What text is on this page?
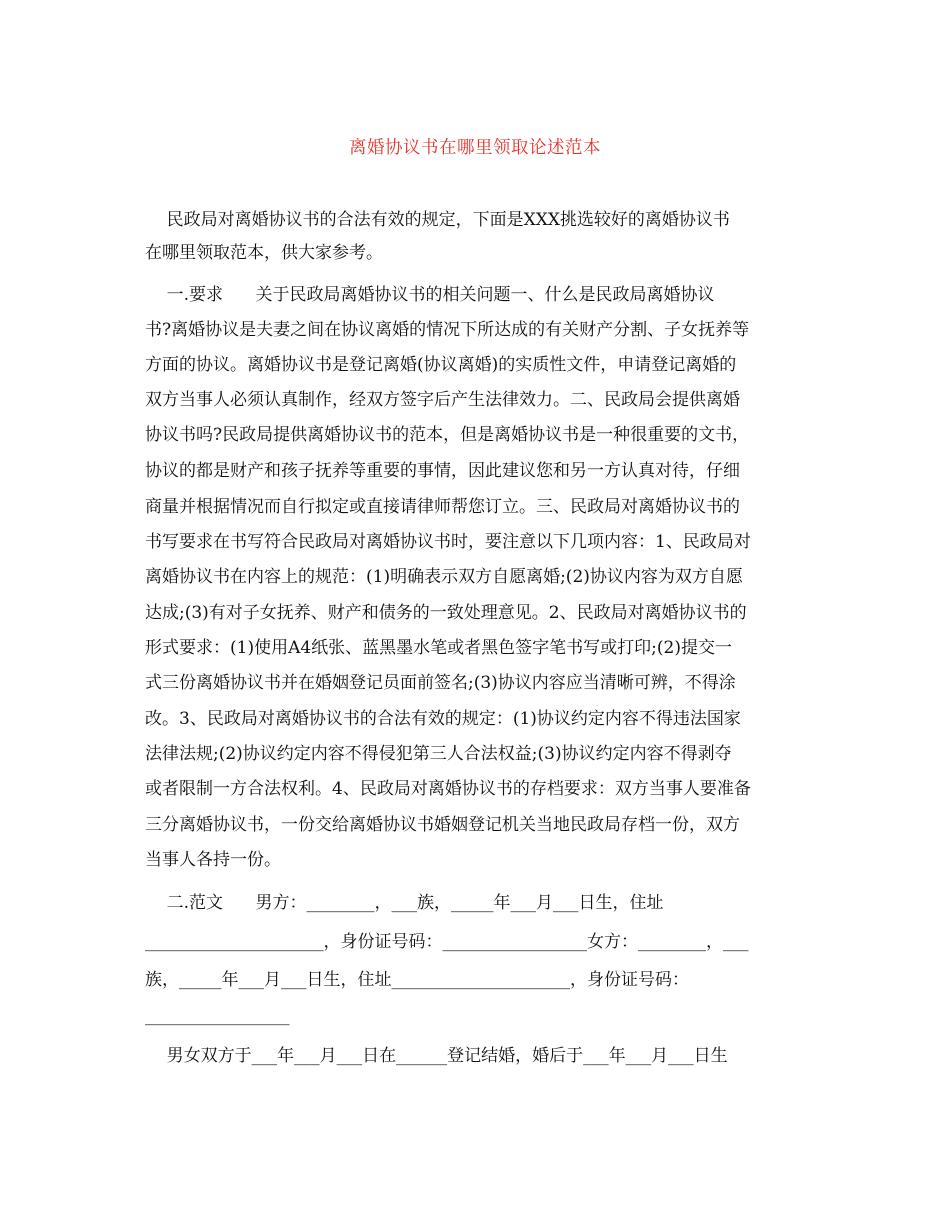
离婚协议书在哪里领取论述范本
民政局对离婚协议书的合法有效的规定，下面是XXX挑选较好的离婚协议书
在哪里领取范本，供大家参考。
一.要求      关于民政局离婚协议书的相关问题一、什么是民政局离婚协议
书?离婚协议是夫妻之间在协议离婚的情况下所达成的有关财产分割、子女抚养等
方面的协议。离婚协议书是登记离婚(协议离婚)的实质性文件，申请登记离婚的
双方当事人必须认真制作，经双方签字后产生法律效力。二、民政局会提供离婚
协议书吗?民政局提供离婚协议书的范本，但是离婚协议书是一种很重要的文书，
协议的都是财产和孩子抚养等重要的事情，因此建议您和另一方认真对待，仔细
商量并根据情况而自行拟定或直接请律师帮您订立。三、民政局对离婚协议书的
书写要求在书写符合民政局对离婚协议书时，要注意以下几项内容：1、民政局对
离婚协议书在内容上的规范：(1)明确表示双方自愿离婚;(2)协议内容为双方自愿
达成;(3)有对子女抚养、财产和债务的一致处理意见。2、民政局对离婚协议书的
形式要求：(1)使用A4纸张、蓝黑墨水笔或者黑色签字笔书写或打印;(2)提交一
式三份离婚协议书并在婚姻登记员面前签名;(3)协议内容应当清晰可辨，不得涂
改。3、民政局对离婚协议书的合法有效的规定：(1)协议约定内容不得违法国家
法律法规;(2)协议约定内容不得侵犯第三人合法权益;(3)协议约定内容不得剥夺
或者限制一方合法权利。4、民政局对离婚协议书的存档要求：双方当事人要准备
三分离婚协议书，一份交给离婚协议书婚姻登记机关当地民政局存档一份，双方
当事人各持一份。
二.范文      男方：________，___族，_____年___月___日生，住址
_____________________，身份证号码：_________________女方：________，___
族，_____年___月___日生，住址_____________________，身份证号码：
_________________
男女双方于___年___月___日在______登记结婚，婚后于___年___月___日生
